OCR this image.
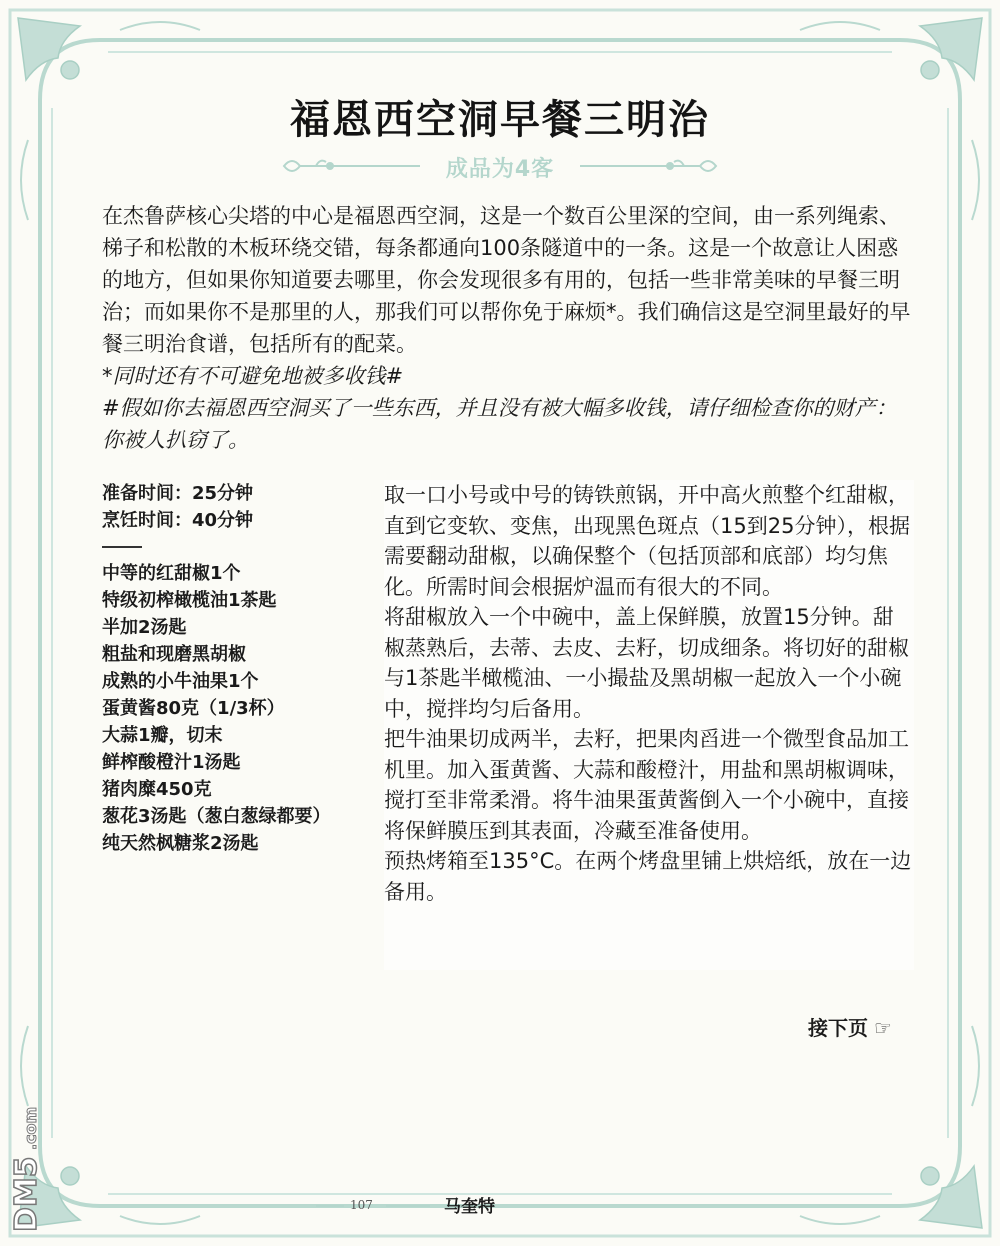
福恩西空洞早餐三明治
成品为4客

在杰鲁萨核心尖塔的中心是福恩西空洞，这是一个数百公里深的空间，由一系列绳索、梯子和松散的木板环绕交错，每条都通向100条隧道中的一条。这是一个故意让人困惑的地方，但如果你知道要去哪里，你会发现很多有用的，包括一些非常美味的早餐三明治；而如果你不是那里的人，那我们可以帮你免于麻烦*。我们确信这是空洞里最好的早餐三明治食谱，包括所有的配菜。

*同时还有不可避免地被多收钱#

#假如你去福恩西空洞买了一些东西，并且没有被大幅多收钱，请仔细检查你的财产：你被人扒窃了。

准备时间：25分钟
烹饪时间：40分钟
中等的红甜椒1个
特级初榨橄榄油1茶匙
半加2汤匙
粗盐和现磨黑胡椒
成熟的小牛油果1个
蛋黄酱80克（1/3杯）
大蒜1瓣，切末
鲜榨酸橙汁1汤匙
猪肉糜450克
葱花3汤匙（葱白葱绿都要）
纯天然枫糖浆2汤匙

取一口小号或中号的铸铁煎锅，开中高火煎整个红甜椒，直到它变软、变焦，出现黑色斑点（15到25分钟），根据需要翻动甜椒，以确保整个（包括顶部和底部）均匀焦化。所需时间会根据炉温而有很大的不同。

将甜椒放入一个中碗中，盖上保鲜膜，放置15分钟。甜椒蒸熟后，去蒂、去皮、去籽，切成细条。将切好的甜椒与1茶匙半橄榄油、一小撮盐及黑胡椒一起放入一个小碗中，搅拌均匀后备用。

把牛油果切成两半，去籽，把果肉舀进一个微型食品加工机里。加入蛋黄酱、大蒜和酸橙汁，用盐和黑胡椒调味，搅打至非常柔滑。将牛油果蛋黄酱倒入一个小碗中，直接将保鲜膜压到其表面，冷藏至准备使用。

预热烤箱至135°C。在两个烤盘里铺上烘焙纸，放在一边备用。

接下页 ☞
107	马奎特
DM5
.com
